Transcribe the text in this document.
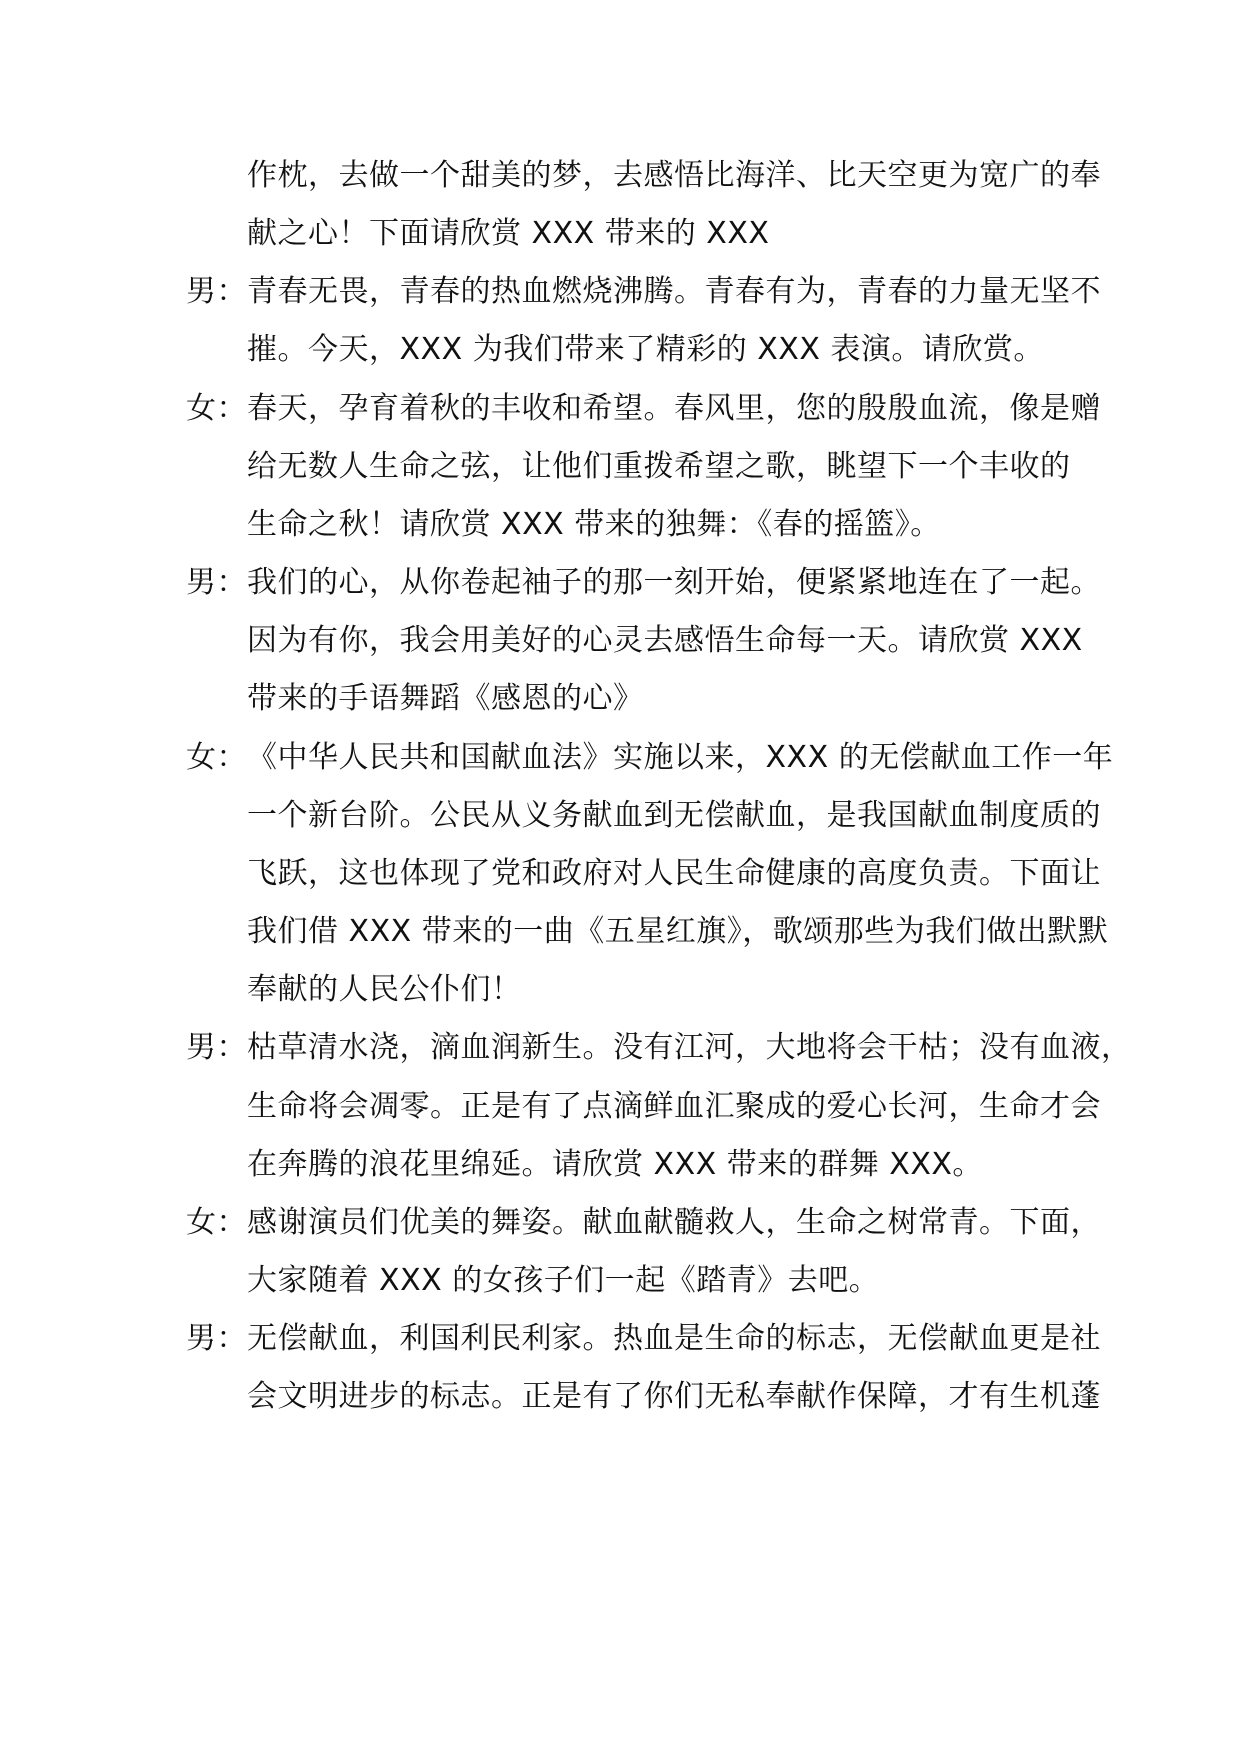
作枕，去做一个甜美的梦，去感悟比海洋、比天空更为宽广的奉
献之心！下面请欣赏 XXX 带来的 XXX
男： 青春无畏，青春的热血燃烧沸腾。青春有为，青春的力量无坚不
摧。今天，XXX 为我们带来了精彩的 XXX 表演。请欣赏。
女： 春天，孕育着秋的丰收和希望。春风里，您的殷殷血流，像是赠
给无数人生命之弦，让他们重拨希望之歌，眺望下一个丰收的
生命之秋！请欣赏 XXX 带来的独舞：《春的摇篮》。
男： 我们的心，从你卷起袖子的那一刻开始，便紧紧地连在了一起。
因为有你，我会用美好的心灵去感悟生命每一天。请欣赏 XXX
带来的手语舞蹈《感恩的心》
女： 《中华人民共和国献血法》实施以来，XXX 的无偿献血工作一年
一个新台阶。公民从义务献血到无偿献血，是我国献血制度质的
飞跃，这也体现了党和政府对人民生命健康的高度负责。下面让
我们借 XXX 带来的一曲《五星红旗》，歌颂那些为我们做出默默
奉献的人民公仆们！
男： 枯草清水浇，滴血润新生。没有江河，大地将会干枯；没有血液，
生命将会凋零。正是有了点滴鲜血汇聚成的爱心长河，生命才会
在奔腾的浪花里绵延。请欣赏 XXX 带来的群舞 XXX。
女： 感谢演员们优美的舞姿。献血献髓救人，生命之树常青。下面，
大家随着 XXX 的女孩子们一起《踏青》去吧。
男： 无偿献血，利国利民利家。热血是生命的标志，无偿献血更是社
会文明进步的标志。正是有了你们无私奉献作保障，才有生机蓬
